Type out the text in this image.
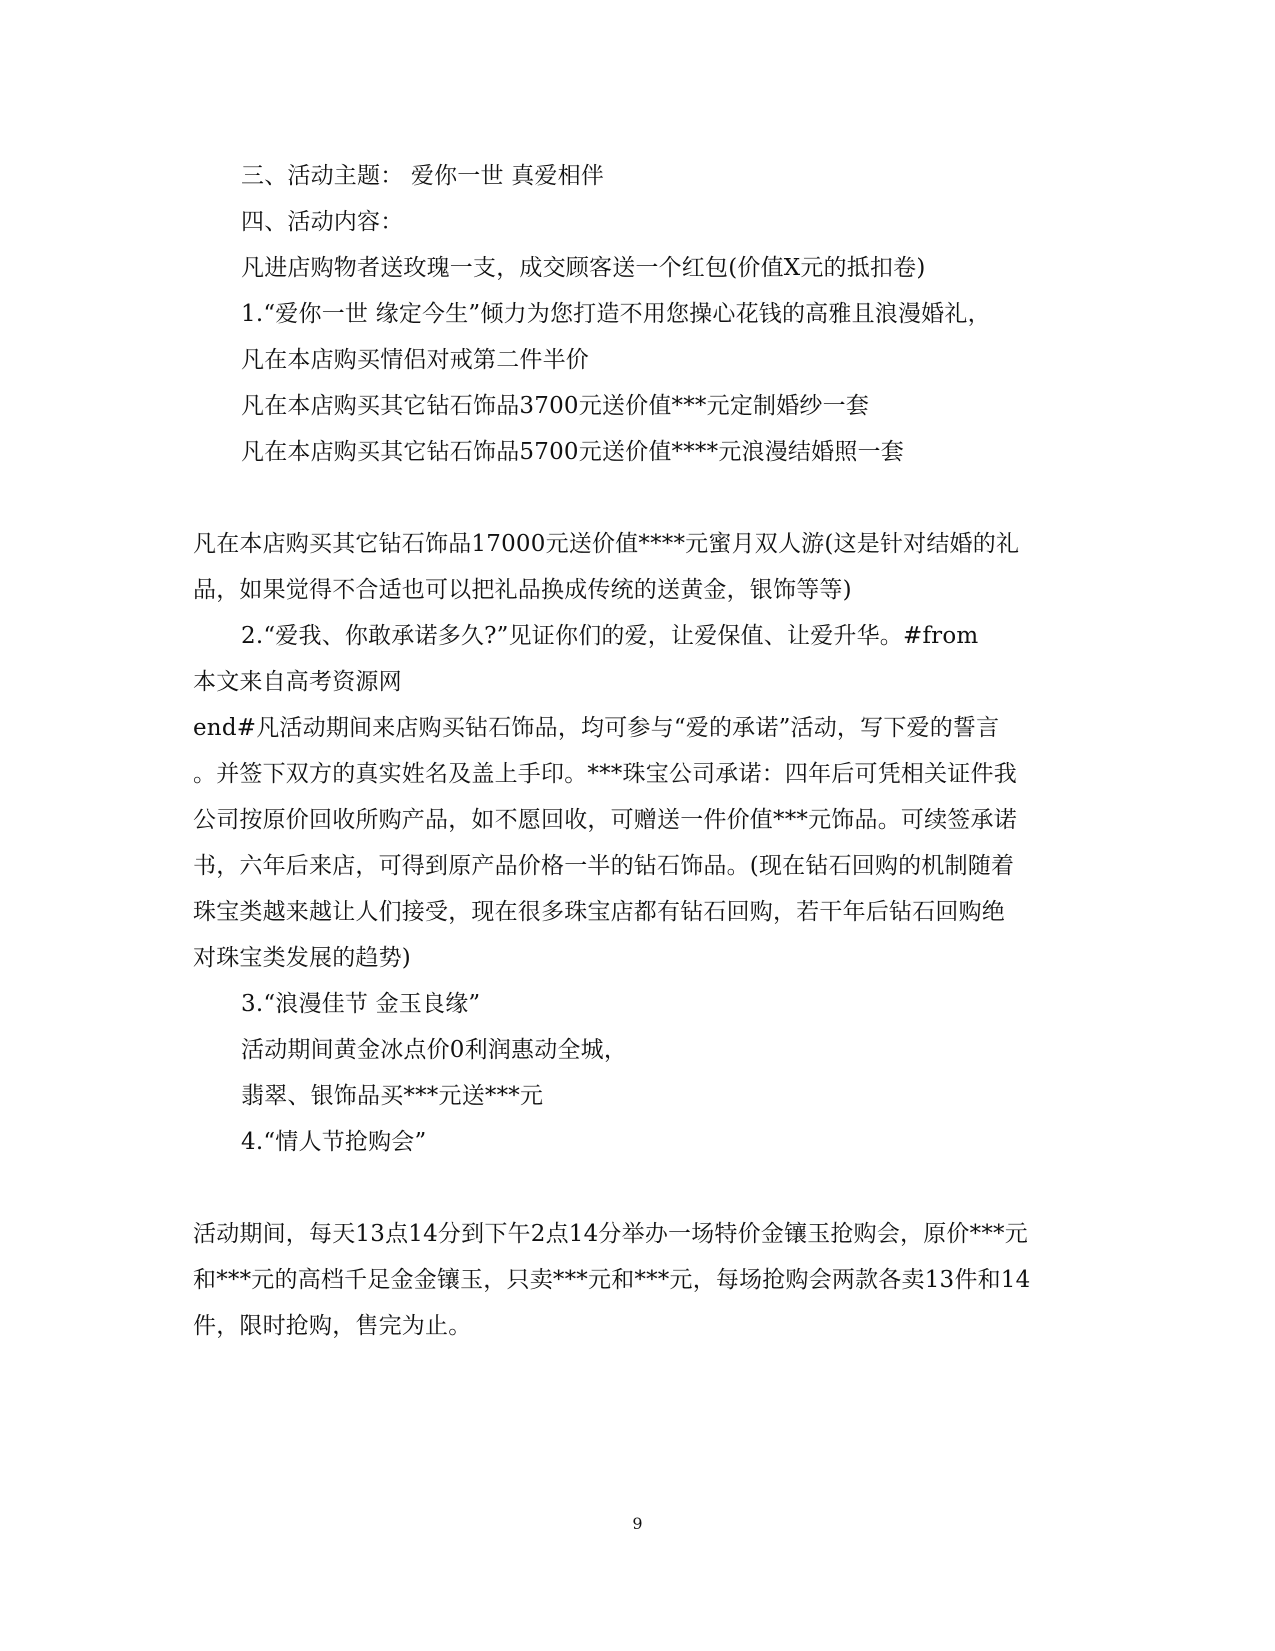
三、活动主题： 爱你一世 真爱相伴
四、活动内容：
凡进店购物者送玫瑰一支，成交顾客送一个红包(价值X元的抵扣卷)
1.“爱你一世 缘定今生”倾力为您打造不用您操心花钱的高雅且浪漫婚礼，
凡在本店购买情侣对戒第二件半价
凡在本店购买其它钻石饰品3700元送价值***元定制婚纱一套
凡在本店购买其它钻石饰品5700元送价值****元浪漫结婚照一套
凡在本店购买其它钻石饰品17000元送价值****元蜜月双人游(这是针对结婚的礼
品，如果觉得不合适也可以把礼品换成传统的送黄金，银饰等等)
2.“爱我、你敢承诺多久?”见证你们的爱，让爱保值、让爱升华。#from
本文来自高考资源网
end#凡活动期间来店购买钻石饰品，均可参与“爱的承诺”活动，写下爱的誓言
。并签下双方的真实姓名及盖上手印。***珠宝公司承诺：四年后可凭相关证件我
公司按原价回收所购产品，如不愿回收，可赠送一件价值***元饰品。可续签承诺
书，六年后来店，可得到原产品价格一半的钻石饰品。(现在钻石回购的机制随着
珠宝类越来越让人们接受，现在很多珠宝店都有钻石回购，若干年后钻石回购绝
对珠宝类发展的趋势)
3.“浪漫佳节 金玉良缘”
活动期间黄金冰点价0利润惠动全城，
翡翠、银饰品买***元送***元
4.“情人节抢购会”
活动期间，每天13点14分到下午2点14分举办一场特价金镶玉抢购会，原价***元
和***元的高档千足金金镶玉，只卖***元和***元，每场抢购会两款各卖13件和14
件，限时抢购，售完为止。
9
